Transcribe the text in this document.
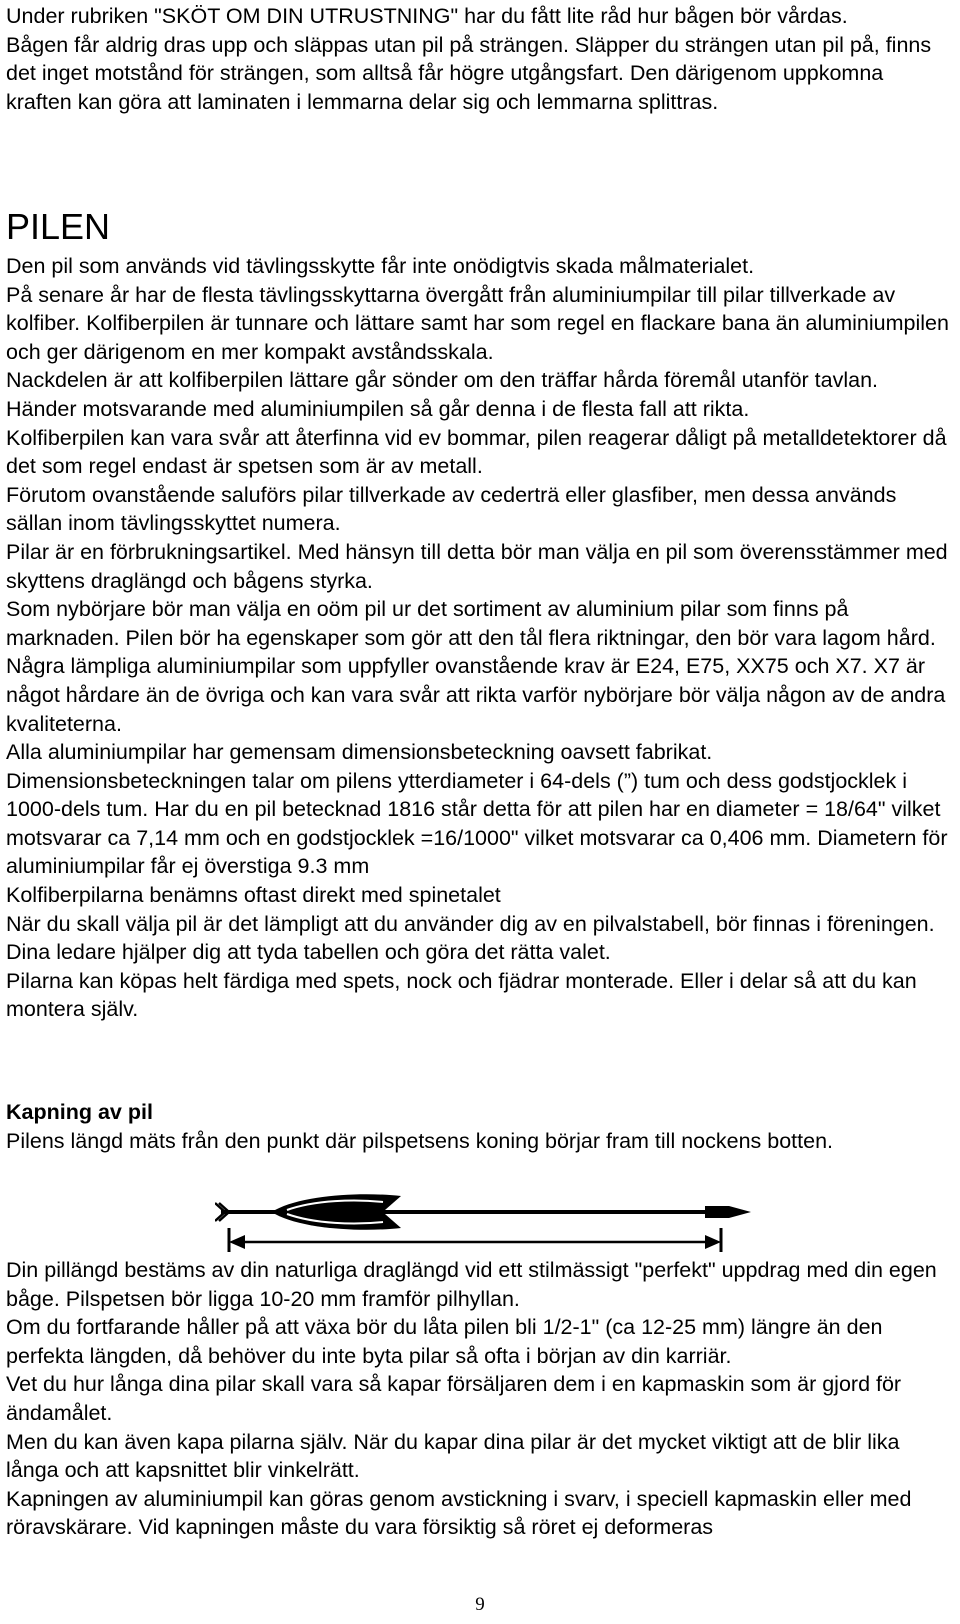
Under rubriken "SKÖT OM DIN UTRUSTNING" har du fått lite råd hur bågen bör vårdas.
Bågen får aldrig dras upp och släppas utan pil på strängen. Släpper du strängen utan pil på, finns det inget motstånd för strängen, som alltså får högre utgångsfart. Den därigenom uppkomna kraften kan göra att laminaten i lemmarna delar sig och lemmarna splittras.

PILEN

Den pil som används vid tävlingsskytte får inte onödigtvis skada målmaterialet.
På senare år har de flesta tävlingsskyttarna övergått från aluminiumpilar till pilar tillverkade av kolfiber. Kolfiberpilen är tunnare och lättare samt har som regel en flackare bana än aluminiumpilen och ger därigenom en mer kompakt avståndsskala.
Nackdelen är att kolfiberpilen lättare går sönder om den träffar hårda föremål utanför tavlan. Händer motsvarande med aluminiumpilen så går denna i de flesta fall att rikta.
Kolfiberpilen kan vara svår att återfinna vid ev bommar, pilen reagerar dåligt på metalldetektorer då det som regel endast är spetsen som är av metall.
Förutom ovanstående saluförs pilar tillverkade av cederträ eller glasfiber, men dessa används sällan inom tävlingsskyttet numera.
Pilar är en förbrukningsartikel. Med hänsyn till detta bör man välja en pil som överensstämmer med skyttens draglängd och bågens styrka.
Som nybörjare bör man välja en oöm pil ur det sortiment av aluminium pilar som finns på marknaden. Pilen bör ha egenskaper som gör att den tål flera riktningar, den bör vara lagom hård.
Några lämpliga aluminiumpilar som uppfyller ovanstående krav är E24, E75, XX75 och X7. X7 är något hårdare än de övriga och kan vara svår att rikta varför nybörjare bör välja någon av de andra kvaliteterna.
Alla aluminiumpilar har gemensam dimensionsbeteckning oavsett fabrikat.
Dimensionsbeteckningen talar om pilens ytterdiameter i 64-dels (”) tum och dess godstjocklek i 1000-dels tum. Har du en pil betecknad 1816 står detta för att pilen har en diameter = 18/64" vilket motsvarar ca 7,14 mm och en godstjocklek =16/1000" vilket motsvarar ca 0,406 mm. Diametern för aluminiumpilar får ej överstiga 9.3 mm
Kolfiberpilarna benämns oftast direkt med spinetalet
När du skall välja pil är det lämpligt att du använder dig av en pilvalstabell, bör finnas i föreningen. Dina ledare hjälper dig att tyda tabellen och göra det rätta valet.
Pilarna kan köpas helt färdiga med spets, nock och fjädrar monterade. Eller i delar så att du kan montera själv.

Kapning av pil

Pilens längd mäts från den punkt där pilspetsens koning börjar fram till nockens botten.

Din pillängd bestäms av din naturliga draglängd vid ett stilmässigt "perfekt" uppdrag med din egen båge. Pilspetsen bör ligga 10-20 mm framför pilhyllan.
Om du fortfarande håller på att växa bör du låta pilen bli 1/2-1" (ca 12-25 mm) längre än den perfekta längden, då behöver du inte byta pilar så ofta i början av din karriär.
Vet du hur långa dina pilar skall vara så kapar försäljaren dem i en kapmaskin som är gjord för ändamålet.
Men du kan även kapa pilarna själv. När du kapar dina pilar är det mycket viktigt att de blir lika långa och att kapsnittet blir vinkelrätt.
Kapningen av aluminiumpil kan göras genom avstickning i svarv, i speciell kapmaskin eller med röravskärare. Vid kapningen måste du vara försiktig så röret ej deformeras

9
